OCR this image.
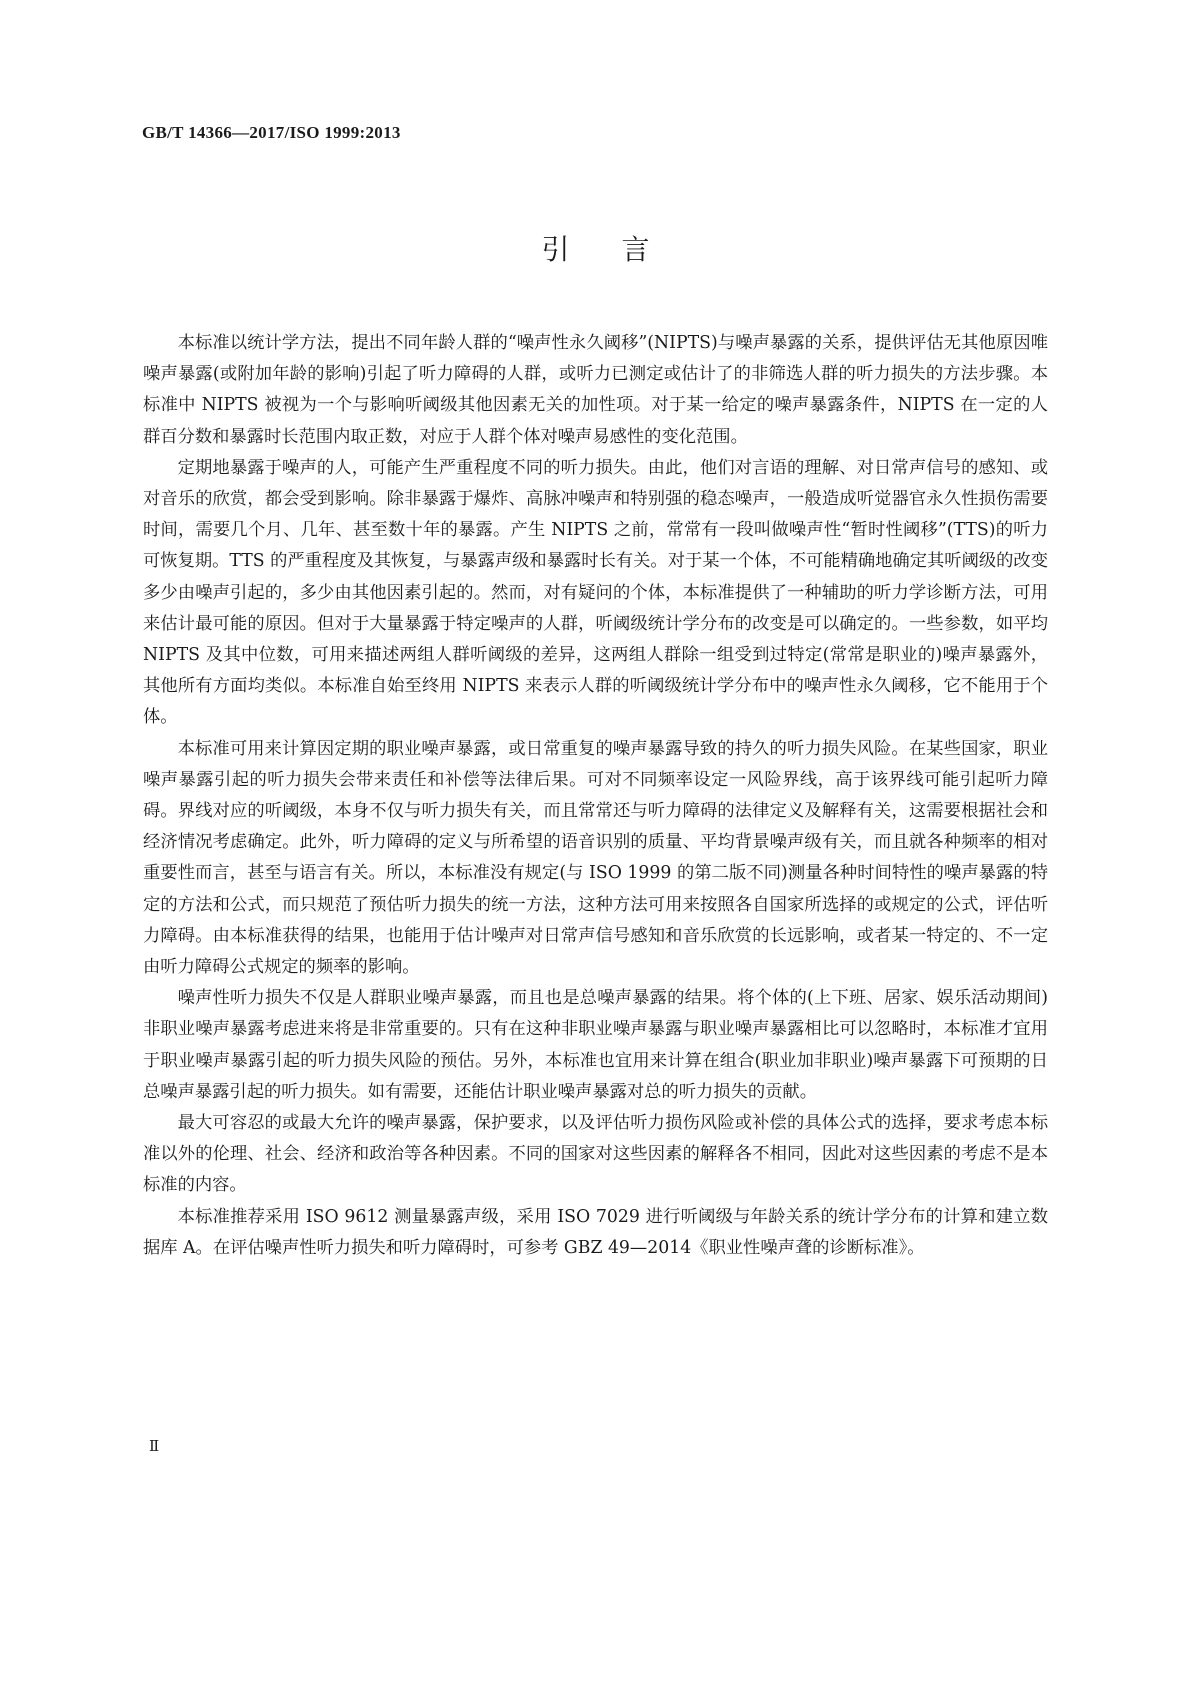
GB/T 14366—2017/ISO 1999:2013
引言

本标准以统计学方法，提出不同年龄人群的“噪声性永久阈移”(NIPTS)与噪声暴露的关系，提供评估无其他原因唯噪声暴露(或附加年龄的影响)引起了听力障碍的人群，或听力已测定或估计了的非筛选人群的听力损失的方法步骤。本标准中 NIPTS 被视为一个与影响听阈级其他因素无关的加性项。对于某一给定的噪声暴露条件，NIPTS 在一定的人群百分数和暴露时长范围内取正数，对应于人群个体对噪声易感性的变化范围。

定期地暴露于噪声的人，可能产生严重程度不同的听力损失。由此，他们对言语的理解、对日常声信号的感知、或对音乐的欣赏，都会受到影响。除非暴露于爆炸、高脉冲噪声和特别强的稳态噪声，一般造成听觉器官永久性损伤需要时间，需要几个月、几年、甚至数十年的暴露。产生 NIPTS 之前，常常有一段叫做噪声性“暂时性阈移”(TTS)的听力可恢复期。TTS 的严重程度及其恢复，与暴露声级和暴露时长有关。对于某一个体，不可能精确地确定其听阈级的改变多少由噪声引起的，多少由其他因素引起的。然而，对有疑问的个体，本标准提供了一种辅助的听力学诊断方法，可用来估计最可能的原因。但对于大量暴露于特定噪声的人群，听阈级统计学分布的改变是可以确定的。一些参数，如平均 NIPTS 及其中位数，可用来描述两组人群听阈级的差异，这两组人群除一组受到过特定(常常是职业的)噪声暴露外，其他所有方面均类似。本标准自始至终用 NIPTS 来表示人群的听阈级统计学分布中的噪声性永久阈移，它不能用于个体。

本标准可用来计算因定期的职业噪声暴露，或日常重复的噪声暴露导致的持久的听力损失风险。在某些国家，职业噪声暴露引起的听力损失会带来责任和补偿等法律后果。可对不同频率设定一风险界线，高于该界线可能引起听力障碍。界线对应的听阈级，本身不仅与听力损失有关，而且常常还与听力障碍的法律定义及解释有关，这需要根据社会和经济情况考虑确定。此外，听力障碍的定义与所希望的语音识别的质量、平均背景噪声级有关，而且就各种频率的相对重要性而言，甚至与语言有关。所以，本标准没有规定(与 ISO 1999 的第二版不同)测量各种时间特性的噪声暴露的特定的方法和公式，而只规范了预估听力损失的统一方法，这种方法可用来按照各自国家所选择的或规定的公式，评估听力障碍。由本标准获得的结果，也能用于估计噪声对日常声信号感知和音乐欣赏的长远影响，或者某一特定的、不一定由听力障碍公式规定的频率的影响。

噪声性听力损失不仅是人群职业噪声暴露，而且也是总噪声暴露的结果。将个体的(上下班、居家、娱乐活动期间)非职业噪声暴露考虑进来将是非常重要的。只有在这种非职业噪声暴露与职业噪声暴露相比可以忽略时，本标准才宜用于职业噪声暴露引起的听力损失风险的预估。另外，本标准也宜用来计算在组合(职业加非职业)噪声暴露下可预期的日总噪声暴露引起的听力损失。如有需要，还能估计职业噪声暴露对总的听力损失的贡献。

最大可容忍的或最大允许的噪声暴露，保护要求，以及评估听力损伤风险或补偿的具体公式的选择，要求考虑本标准以外的伦理、社会、经济和政治等各种因素。不同的国家对这些因素的解释各不相同，因此对这些因素的考虑不是本标准的内容。

本标准推荐采用 ISO 9612 测量暴露声级，采用 ISO 7029 进行听阈级与年龄关系的统计学分布的计算和建立数据库 A。在评估噪声性听力损失和听力障碍时，可参考 GBZ 49—2014《职业性噪声聋的诊断标准》。

Ⅱ
